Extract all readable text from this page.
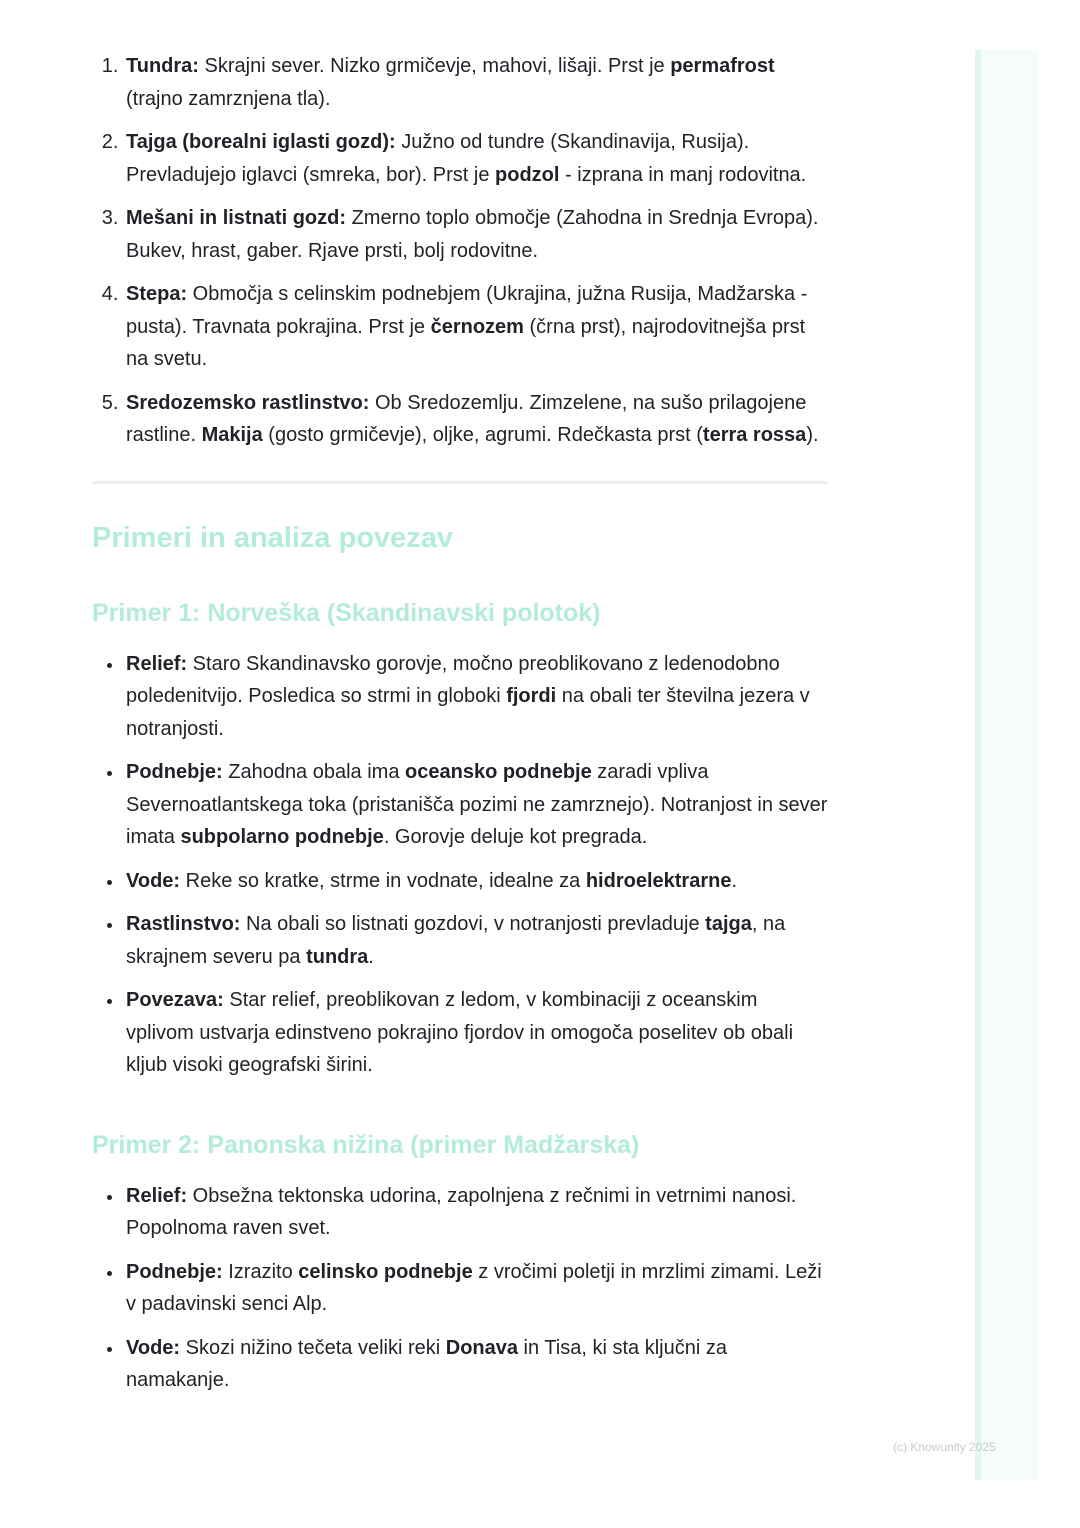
1. Tundra: Skrajni sever. Nizko grmičevje, mahovi, lišaji. Prst je permafrost (trajno zamrznjena tla).
2. Tajga (borealni iglasti gozd): Južno od tundre (Skandinavija, Rusija). Prevladujejo iglavci (smreka, bor). Prst je podzol - izprana in manj rodovitna.
3. Mešani in listnati gozd: Zmerno toplo območje (Zahodna in Srednja Evropa). Bukev, hrast, gaber. Rjave prsti, bolj rodovitne.
4. Stepa: Območja s celinskim podnebjem (Ukrajina, južna Rusija, Madžarska - pusta). Travnata pokrajina. Prst je černozem (črna prst), najrodovitnejša prst na svetu.
5. Sredozemsko rastlinstvo: Ob Sredozemlju. Zimzelene, na sušo prilagojene rastline. Makija (gosto grmičevje), oljke, agrumi. Rdečkasta prst (terra rossa).
Primeri in analiza povezav
Primer 1: Norveška (Skandinavski polotok)
• Relief: Staro Skandinavsko gorovje, močno preoblikovano z ledenodobno poledenitvijo. Posledica so strmi in globoki fjordi na obali ter številna jezera v notranjosti.
• Podnebje: Zahodna obala ima oceansko podnebje zaradi vpliva Severnoatlantskega toka (pristanišča pozimi ne zamrznejo). Notranjost in sever imata subpolarno podnebje. Gorovje deluje kot pregrada.
• Vode: Reke so kratke, strme in vodnate, idealne za hidroelektrarne.
• Rastlinstvo: Na obali so listnati gozdovi, v notranjosti prevladuje tajga, na skrajnem severu pa tundra.
• Povezava: Star relief, preoblikovan z ledom, v kombinaciji z oceanskim vplivom ustvarja edinstveno pokrajino fjordov in omogoča poselitev ob obali kljub visoki geografski širini.
Primer 2: Panonska nižina (primer Madžarska)
• Relief: Obsežna tektonska udorina, zapolnjena z rečnimi in vetrnimi nanosi. Popolnoma raven svet.
• Podnebje: Izrazito celinsko podnebje z vročimi poletji in mrzlimi zimami. Leži v padavinski senci Alp.
• Vode: Skozi nižino tečeta veliki reki Donava in Tisa, ki sta ključni za namakanje.
(c) Knowunity 2025
